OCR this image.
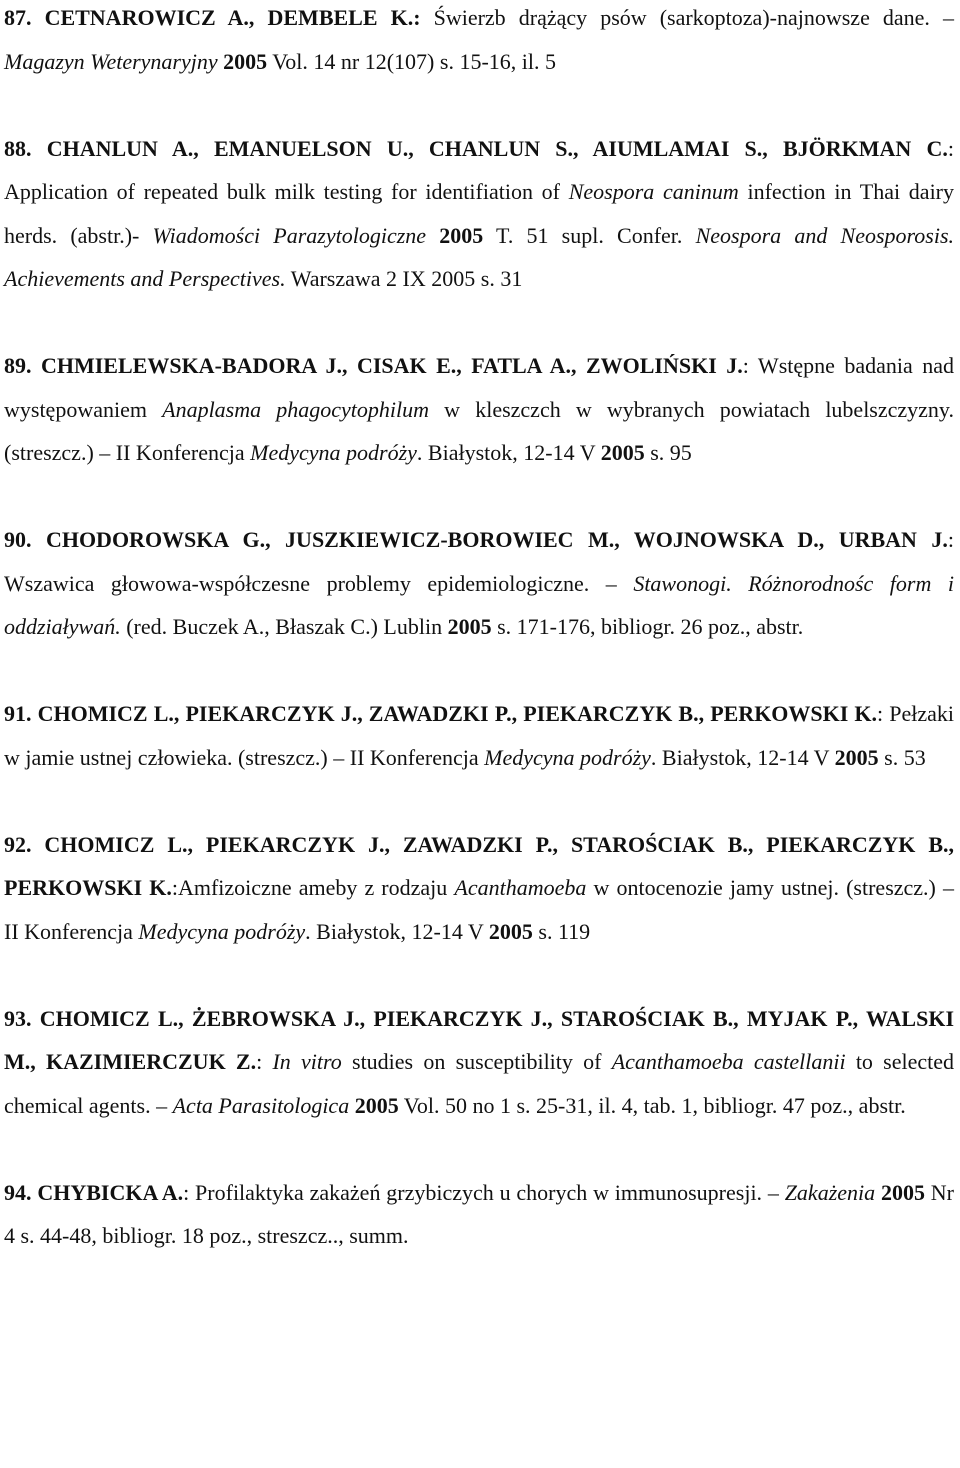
87. CETNAROWICZ A., DEMBELE K.: Świerzb drążący psów (sarkoptoza)-najnowsze dane. – Magazyn Weterynaryjny 2005 Vol. 14 nr 12(107) s. 15-16, il. 5

88. CHANLUN A., EMANUELSON U., CHANLUN S., AIUMLAMAI S., BJÖRKMAN C.: Application of repeated bulk milk testing for identifiation of Neospora caninum infection in Thai dairy herds. (abstr.)- Wiadomości Parazytologiczne 2005 T. 51 supl. Confer. Neospora and Neosporosis. Achievements and Perspectives. Warszawa 2 IX 2005 s. 31

89. CHMIELEWSKA-BADORA J., CISAK E., FATLA A., ZWOLIŃSKI J.: Wstępne badania nad występowaniem Anaplasma phagocytophilum w kleszczch w wybranych powiatach lubelszczyzny. (streszcz.) – II Konferencja Medycyna podróży. Białystok, 12-14 V 2005 s. 95

90. CHODOROWSKA G., JUSZKIEWICZ-BOROWIEC M., WOJNOWSKA D., URBAN J.: Wszawica głowowa-współczesne problemy epidemiologiczne. – Stawonogi. Różnorodnośc form i oddziaływań. (red. Buczek A., Błaszak C.) Lublin 2005 s. 171-176, bibliogr. 26 poz., abstr.

91. CHOMICZ L., PIEKARCZYK J., ZAWADZKI P., PIEKARCZYK B., PERKOWSKI K.: Pełzaki w jamie ustnej człowieka. (streszcz.) – II Konferencja Medycyna podróży. Białystok, 12-14 V 2005 s. 53

92. CHOMICZ L., PIEKARCZYK J., ZAWADZKI P., STAROŚCIAK B., PIEKARCZYK B., PERKOWSKI K.:Amfizoiczne ameby z rodzaju Acanthamoeba w ontocenozie jamy ustnej. (streszcz.) – II Konferencja Medycyna podróży. Białystok, 12-14 V 2005 s. 119

93. CHOMICZ L., ŻEBROWSKA J., PIEKARCZYK J., STAROŚCIAK B., MYJAK P., WALSKI M., KAZIMIERCZUK Z.: In vitro studies on susceptibility of Acanthamoeba castellanii to selected chemical agents. – Acta Parasitologica 2005 Vol. 50 no 1 s. 25-31, il. 4, tab. 1, bibliogr. 47 poz., abstr.

94. CHYBICKA A.: Profilaktyka zakażeń grzybiczych u chorych w immunosupresji. – Zakażenia 2005 Nr 4 s. 44-48, bibliogr. 18 poz., streszcz.., summ.
